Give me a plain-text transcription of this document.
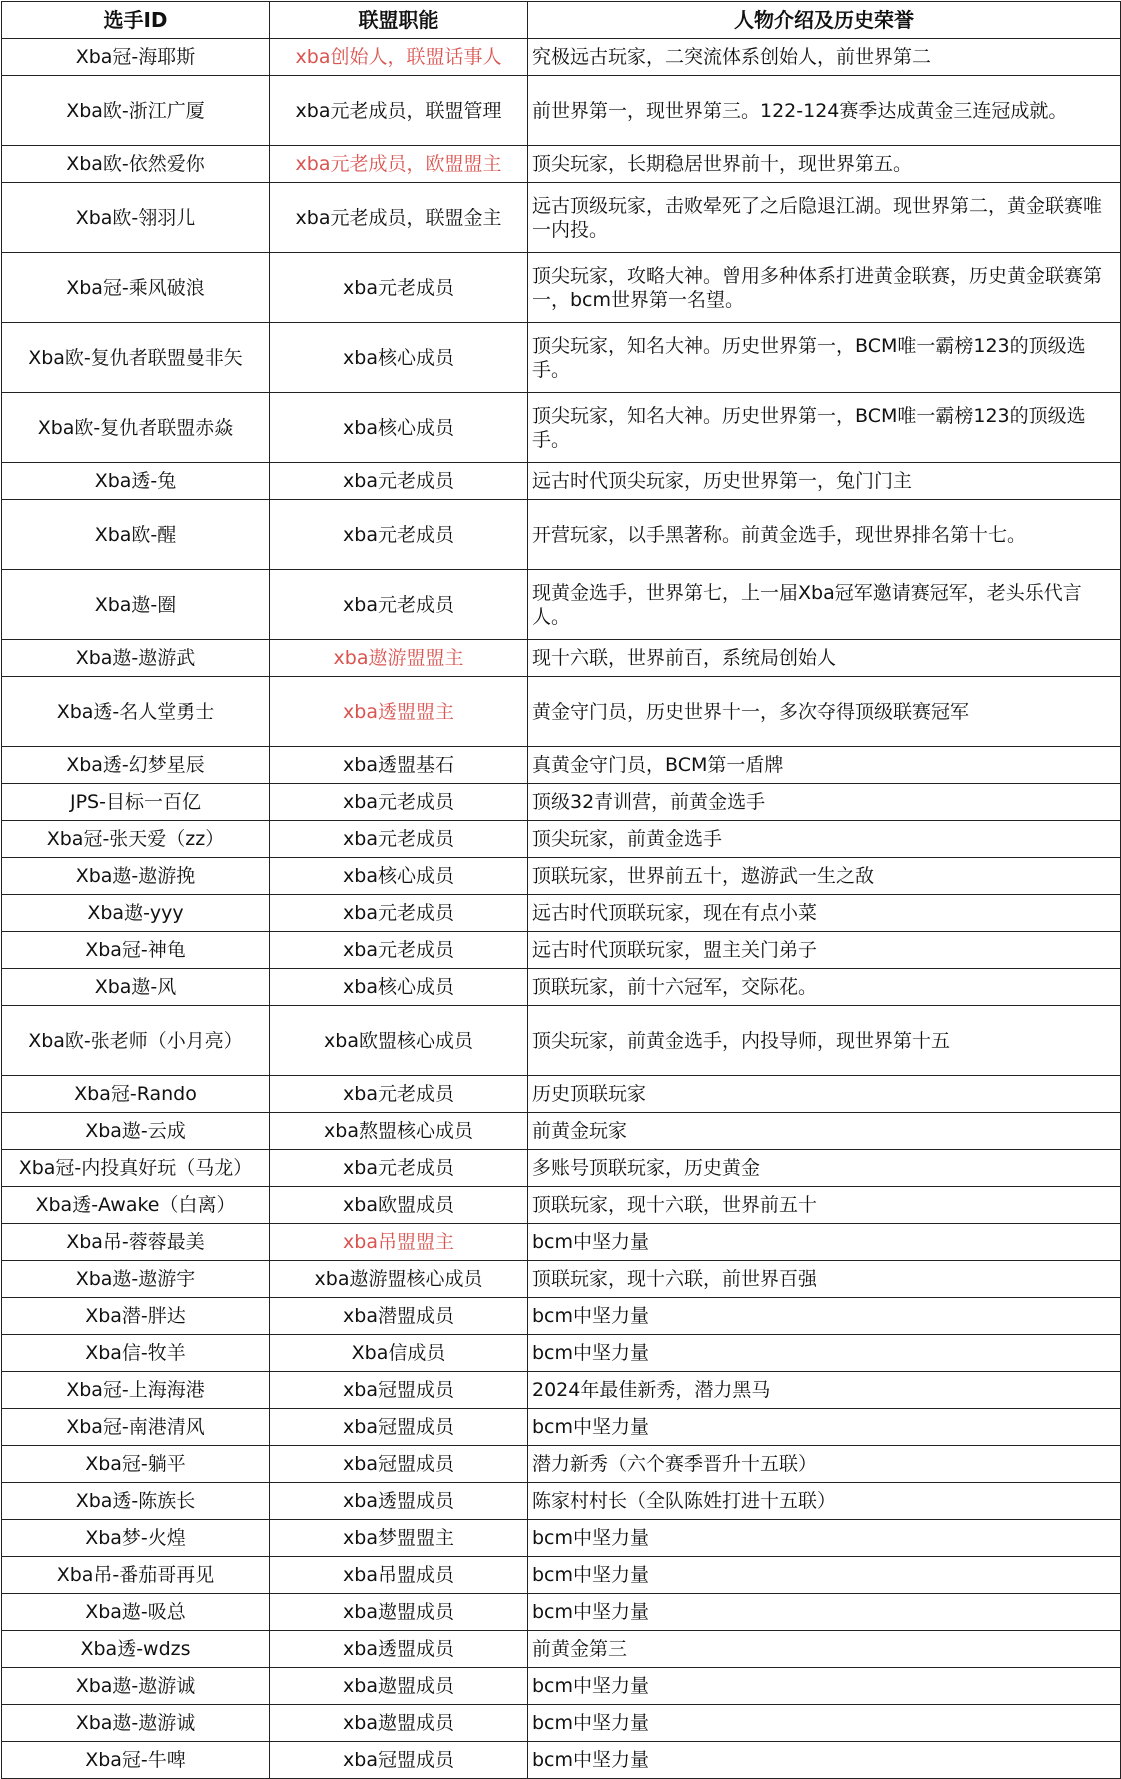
选手ID	联盟职能	人物介绍及历史荣誉
Xba冠-海耶斯	xba创始人，联盟话事人	究极远古玩家，二突流体系创始人，前世界第二
Xba欧-浙江广厦	xba元老成员，联盟管理	前世界第一，现世界第三。122-124赛季达成黄金三连冠成就。
Xba欧-依然爱你	xba元老成员，欧盟盟主	顶尖玩家，长期稳居世界前十，现世界第五。
Xba欧-翎羽儿	xba元老成员，联盟金主	远古顶级玩家，击败晕死了之后隐退江湖。现世界第二，黄金联赛唯一内投。
Xba冠-乘风破浪	xba元老成员	顶尖玩家，攻略大神。曾用多种体系打进黄金联赛，历史黄金联赛第一，bcm世界第一名望。
Xba欧-复仇者联盟曼非矢	xba核心成员	顶尖玩家，知名大神。历史世界第一，BCM唯一霸榜123的顶级选手。
Xba欧-复仇者联盟赤焱	xba核心成员	顶尖玩家，知名大神。历史世界第一，BCM唯一霸榜123的顶级选手。
Xba透-兔	xba元老成员	远古时代顶尖玩家，历史世界第一，兔门门主
Xba欧-醒	xba元老成员	开营玩家，以手黑著称。前黄金选手，现世界排名第十七。
Xba遨-圈	xba元老成员	现黄金选手，世界第七，上一届Xba冠军邀请赛冠军，老头乐代言人。
Xba遨-遨游武	xba遨游盟盟主	现十六联，世界前百，系统局创始人
Xba透-名人堂勇士	xba透盟盟主	黄金守门员，历史世界十一，多次夺得顶级联赛冠军
Xba透-幻梦星辰	xba透盟基石	真黄金守门员，BCM第一盾牌
JPS-目标一百亿	xba元老成员	顶级32青训营，前黄金选手
Xba冠-张天爱（zz）	xba元老成员	顶尖玩家，前黄金选手
Xba遨-遨游挽	xba核心成员	顶联玩家，世界前五十，遨游武一生之敌
Xba遨-yyy	xba元老成员	远古时代顶联玩家，现在有点小菜
Xba冠-神龟	xba元老成员	远古时代顶联玩家，盟主关门弟子
Xba遨-风	xba核心成员	顶联玩家，前十六冠军，交际花。
Xba欧-张老师（小月亮）	xba欧盟核心成员	顶尖玩家，前黄金选手，内投导师，现世界第十五
Xba冠-Rando	xba元老成员	历史顶联玩家
Xba遨-云成	xba熬盟核心成员	前黄金玩家
Xba冠-内投真好玩（马龙）	xba元老成员	多账号顶联玩家，历史黄金
Xba透-Awake（白离）	xba欧盟成员	顶联玩家，现十六联，世界前五十
Xba吊-蓉蓉最美	xba吊盟盟主	bcm中坚力量
Xba遨-遨游宇	xba遨游盟核心成员	顶联玩家，现十六联，前世界百强
Xba潜-胖达	xba潜盟成员	bcm中坚力量
Xba信-牧羊	Xba信成员	bcm中坚力量
Xba冠-上海海港	xba冠盟成员	2024年最佳新秀，潜力黑马
Xba冠-南港清风	xba冠盟成员	bcm中坚力量
Xba冠-躺平	xba冠盟成员	潜力新秀（六个赛季晋升十五联）
Xba透-陈族长	xba透盟成员	陈家村村长（全队陈姓打进十五联）
Xba梦-火煌	xba梦盟盟主	bcm中坚力量
Xba吊-番茄哥再见	xba吊盟成员	bcm中坚力量
Xba遨-吸总	xba遨盟成员	bcm中坚力量
Xba透-wdzs	xba透盟成员	前黄金第三
Xba遨-遨游诚	xba遨盟成员	bcm中坚力量
Xba遨-遨游诚	xba遨盟成员	bcm中坚力量
Xba冠-牛啤	xba冠盟成员	bcm中坚力量
